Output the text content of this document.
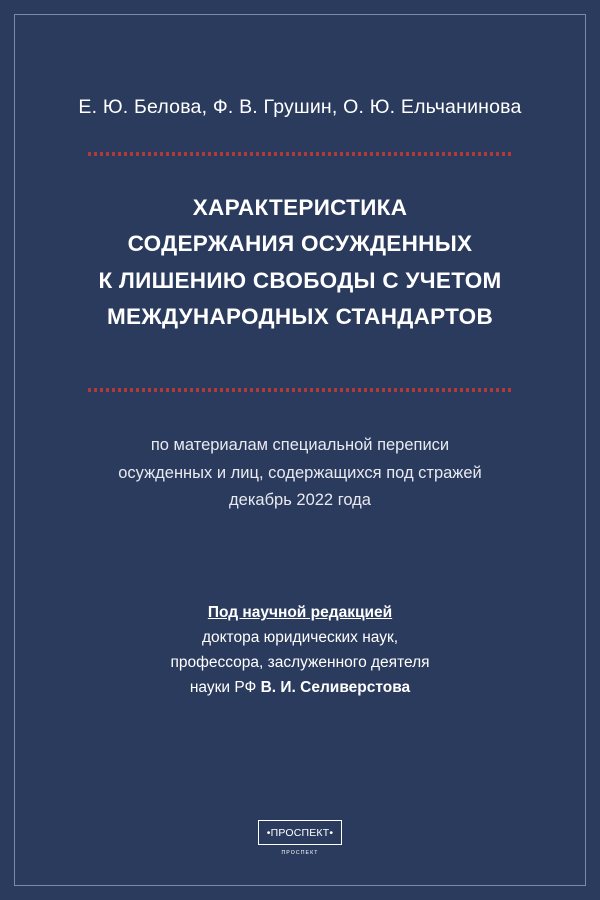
Е. Ю. Белова, Ф. В. Грушин, О. Ю. Ельчанинова
ХАРАКТЕРИСТИКА
СОДЕРЖАНИЯ ОСУЖДЕННЫХ
К ЛИШЕНИЮ СВОБОДЫ С УЧЕТОМ
МЕЖДУНАРОДНЫХ СТАНДАРТОВ
по материалам специальной переписи
осужденных и лиц, содержащихся под стражей
декабрь 2022 года
Под научной редакцией
доктора юридических наук,
профессора, заслуженного деятеля
науки РФ В. И. Селиверстова
•ПРОСПЕКТ•
ПРОСПЕКТ
